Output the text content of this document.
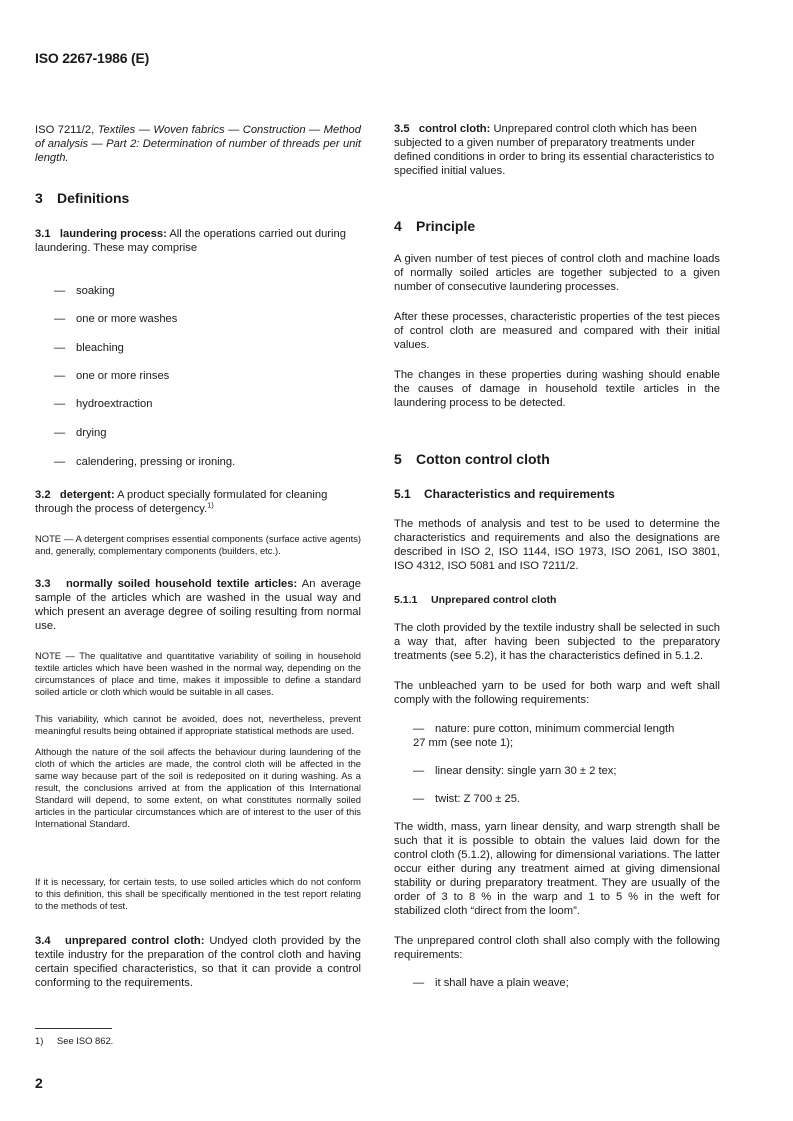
ISO 2267-1986 (E)

ISO 7211/2, Textiles — Woven fabrics — Construction — Method of analysis — Part 2: Determination of number of threads per unit length.

3 Definitions

3.1 laundering process: All the operations carried out during laundering. These may comprise

— soaking
— one or more washes
— bleaching
— one or more rinses
— hydroextraction
— drying
— calendering, pressing or ironing.

3.2 detergent: A product specially formulated for cleaning through the process of detergency.$^{1)}$

NOTE — A detergent comprises essential components (surface active agents) and, generally, complementary components (builders, etc.).

3.3 normally soiled household textile articles: An average sample of the articles which are washed in the usual way and which present an average degree of soiling resulting from normal use.

NOTE — The qualitative and quantitative variability of soiling in household textile articles which have been washed in the normal way, depending on the circumstances of place and time, makes it impossible to define a standard soiled article or cloth which would be suitable in all cases.

This variability, which cannot be avoided, does not, nevertheless, prevent meaningful results being obtained if appropriate statistical methods are used.

Although the nature of the soil affects the behaviour during laundering of the cloth of which the articles are made, the control cloth will be affected in the same way because part of the soil is redeposited on it during washing. As a result, the conclusions arrived at from the application of this International Standard will depend, to some extent, on what constitutes normally soiled articles in the particular circumstances which are of interest to the user of this International Standard.

If it is necessary, for certain tests, to use soiled articles which do not conform to this definition, this shall be specifically mentioned in the test report relating to the methods of test.

3.4 unprepared control cloth: Undyed cloth provided by the textile industry for the preparation of the control cloth and having certain specified characteristics, so that it can provide a control conforming to the requirements.

3.5 control cloth: Unprepared control cloth which has been subjected to a given number of preparatory treatments under defined conditions in order to bring its essential characteristics to specified initial values.

4 Principle

A given number of test pieces of control cloth and machine loads of normally soiled articles are together subjected to a given number of consecutive laundering processes.

After these processes, characteristic properties of the test pieces of control cloth are measured and compared with their initial values.

The changes in these properties during washing should enable the causes of damage in household textile articles in the laundering process to be detected.

5 Cotton control cloth

5.1 Characteristics and requirements

The methods of analysis and test to be used to determine the characteristics and requirements and also the designations are described in ISO 2, ISO 1144, ISO 1973, ISO 2061, ISO 3801, ISO 4312, ISO 5081 and ISO 7211/2.

5.1.1 Unprepared control cloth

The cloth provided by the textile industry shall be selected in such a way that, after having been subjected to the preparatory treatments (see 5.2), it has the characteristics defined in 5.1.2.

The unbleached yarn to be used for both warp and weft shall comply with the following requirements:

— nature: pure cotton, minimum commercial length
27 mm (see note 1);
— linear density: single yarn 30 ± 2 tex;
— twist: Z 700 ± 25.

The width, mass, yarn linear density, and warp strength shall be such that it is possible to obtain the values laid down for the control cloth (5.1.2), allowing for dimensional variations. The latter occur either during any treatment aimed at giving dimensional stability or during preparatory treatment. They are usually of the order of 3 to 8 % in the warp and 1 to 5 % in the weft for stabilized cloth “direct from the loom”.

The unprepared control cloth shall also comply with the following requirements:

— it shall have a plain weave;
1) See ISO 862.
2
